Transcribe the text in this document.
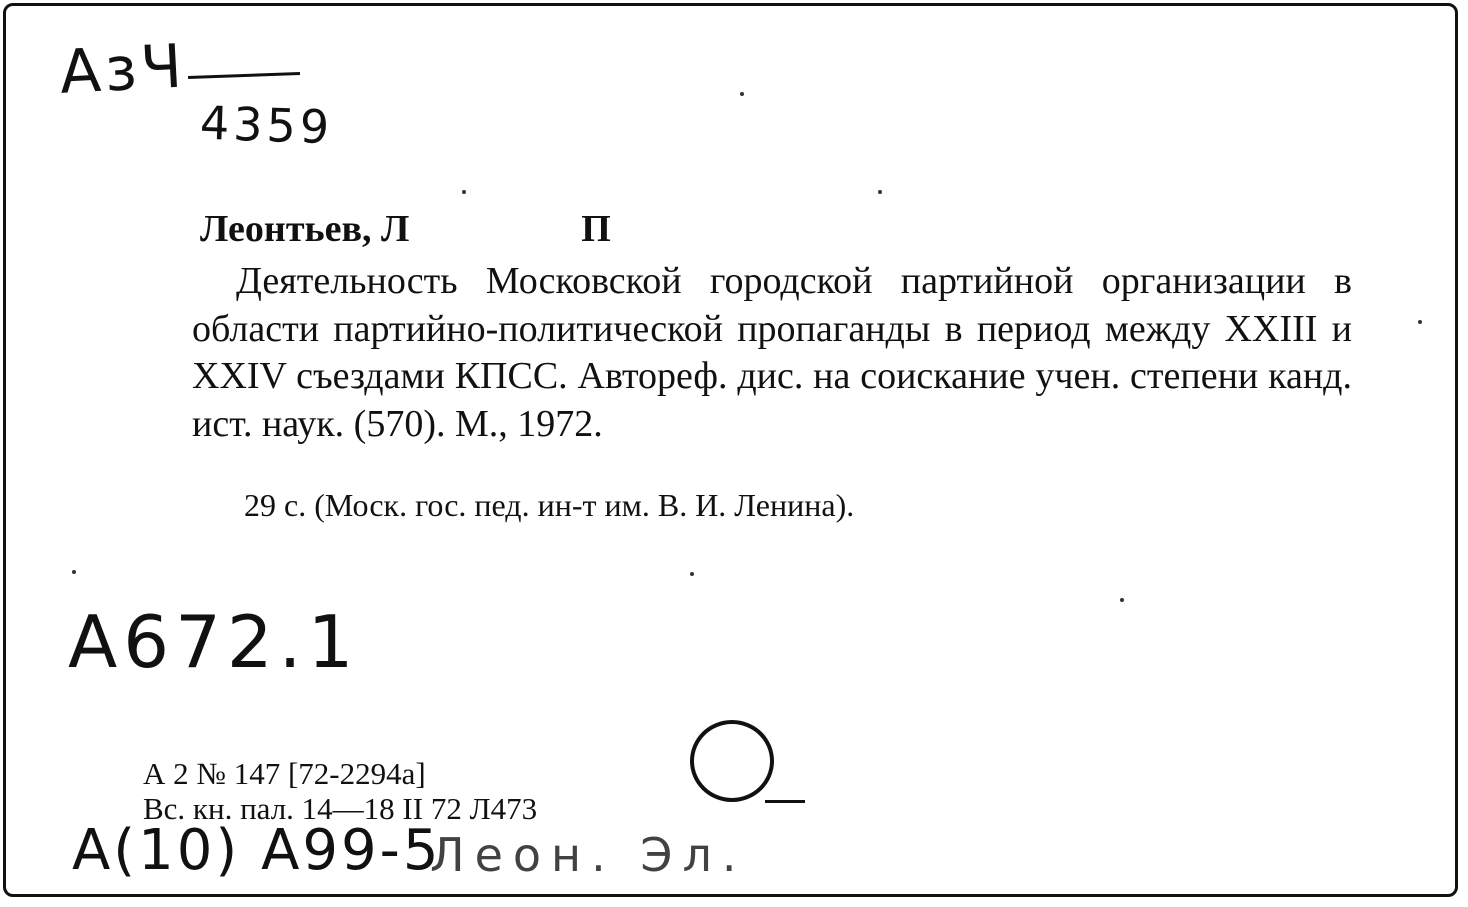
АзЧ
4359
Леонтьев, Л	П
Деятельность Московской городской партийной организации в области партийно-политической пропаганды в период между XXIII и XXIV съездами КПСС. Автореф. дис. на соискание учен. степени канд. ист. наук. (570). М., 1972.
29 с. (Моск. гос. пед. ин-т им. В. И. Ленина).
А672.1
А 2 № 147 [72-2294а]
Вс. кн. пал. 14—18 II 72 Л473
А(10) А99-5
Леон. Эл.
